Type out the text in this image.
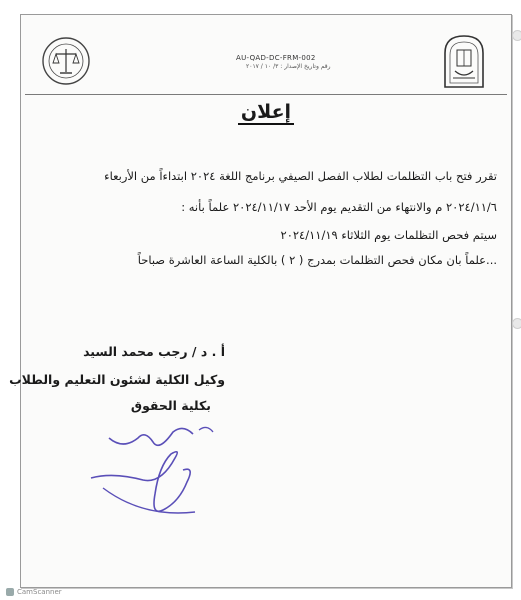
AU-QAD-DC-FRM-002
رقم وتاريخ الإصدار : ٣/ ١٠ / ٢٠١٧
إعلان
تقرر فتح باب التظلمات لطلاب الفصل الصيفي برنامج اللغة ٢٠٢٤ ابتداءاً من الأربعاء
٢٠٢٤/١١/٦ م والانتهاء من التقديم يوم الأحد ٢٠٢٤/١١/١٧ علماً بأنه :
سيتم فحص التظلمات يوم الثلاثاء ٢٠٢٤/١١/١٩
...علماً بان مكان فحص التظلمات بمدرج ( ٢ ) بالكلية الساعة العاشرة صباحاً
أ . د / رجب محمد السيد
وكيل الكلية لشئون التعليم والطلاب
بكلية الحقوق
CamScanner
